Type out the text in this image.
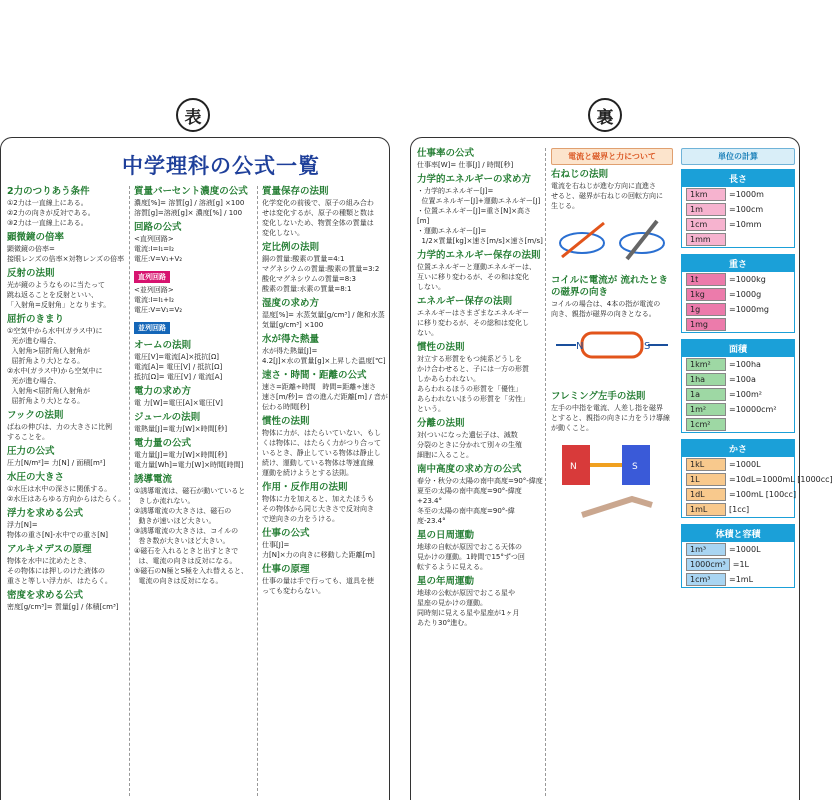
表	裏
中学理科の公式一覧
2力のつりあう条件
①2力は一直線上にある。
②2力の向きが反対である。
③2力は一直線上にある。
顕微鏡の倍率
顕微鏡の倍率=
接眼レンズの倍率×対物レンズの倍率
反射の法則
光が鏡のようなものに当たって
跳ね返ることを反射といい、
「入射角=反射角」となります。
屈折のきまり
①空気中から水中(ガラス中)に
光が進む場合、
入射角>屈折角(入射角が
屈折角より大)となる。
②水中(ガラス中)から空気中に
光が進む場合、
入射角<屈折角(入射角が
屈折角より大)となる。
フックの法則
ばねの伸びは、力の大きさに比例
することを。
圧力の公式
圧力[N/m²]= 力[N] / 面積[m²]
水圧の大きさ
①水圧は水中の深さに関係する。
②水圧はあらゆる方向からはたらく。
浮力を求める公式
浮力[N]=
物体の重さ[N]-水中での重さ[N]
アルキメデスの原理
物体を水中に沈めたとき、
その物体には押しのけた液体の
重さと等しい浮力が、はたらく。
密度を求める公式
密度[g/cm³]= 質量[g] / 体積[cm³]
質量パーセント濃度の公式
濃度[%]= 溶質[g] / 溶液[g] ×100
溶質[g]=溶液[g]× 濃度[%] / 100
回路の公式
<直列回路>
電流:I=I₁=I₂
電圧:V=V₁+V₂
直列回路
<並列回路>
電流:I=I₁+I₂
電圧:V=V₁=V₂
並列回路
オームの法則
電圧[V]=電流[A]×抵抗[Ω]
電流[A]= 電圧[V] / 抵抗[Ω]
抵抗[Ω]= 電圧[V] / 電流[A]
電力の求め方
電 力[W]=電圧[A]×電圧[V]
ジュールの法則
電熱量[J]=電力[W]×時間[秒]
電力量の公式
電力量[J]=電力[W]×時間[秒]
電力量[Wh]=電力[W]×時間[時間]
誘導電流
①誘導電流は、磁石が動いていると
きしか流れない。
②誘導電流の大きさは、磁石の
動きが速いほど大きい。
③誘導電流の大きさは、コイルの
巻き数が大きいほど大きい。
④磁石を入れるときと出すときで
は、電流の向きは反対になる。
⑤磁石のN極とS極を入れ替えると、
電流の向きは反対になる。
質量保存の法則
化学変化の前後で、原子の組み合わ
せは変化するが、原子の種類と数は
変化しないため、物質全体の質量は
変化しない。
定比例の法則
銅の質量:酸素の質量=4:1
マグネシウムの質量:酸素の質量=3:2
酸化マグネシウムの質量=8:3
酸素の質量:水素の質量=8:1
湿度の求め方
湿度[%]= 水蒸気量[g/cm³] / 飽和水蒸気量[g/cm³] ×100
水が得た熱量
水が得た熱量[J]=
4.2[J]×水の質量[g]×上昇した温度[℃]
速さ・時間・距離の公式
速さ=距離÷時間   時間=距離÷速さ
速さ[m/秒]= 音の進んだ距離[m] / 音が伝わる時間[秒]
慣性の法則
物体に力が、はたらいていない、もし
くは物体に、はたらく力がつり合って
いるとき、静止している物体は静止し
続け、運動している物体は等速直線
運動を続けようとする法則。
作用・反作用の法則
物体に力を加えると、加えたほうも
その物体から同じ大きさで反対向き
で逆向きの力をうける。
仕事の公式
仕事[J]=
力[N]×力の向きに移動した距離[m]
仕事の原理
仕事の量は手で行っても、道具を使
っても変わらない。
仕事率の公式
仕事率[W]= 仕事[J] / 時間[秒]
力学的エネルギーの求め方
・力学的エネルギー[J]=
位置エネルギー[J]+運動エネルギー[J]
・位置エネルギー[J]=重さ[N]×高さ[m]
・運動エネルギー[J]=
1/2×質量[kg]×速さ[m/s]×速さ[m/s]
力学的エネルギー保存の法則
位置エネルギーと運動エネルギーは、
互いに移り変わるが、その和は変化
しない。
エネルギー保存の法則
エネルギーはさまざまなエネルギー
に移り変わるが、その総和は変化し
ない。
慣性の法則
対立する形質をもつ純系どうしを
かけ合わせると、子には一方の形質
しかあらわれない。
あらわれるほうの形質を「優性」
あらわれないほうの形質を「劣性」
という。
分離の法則
対(ついになった遺伝子は、減数
分裂のときに分かれて別々の生殖
細胞に入ること。
南中高度の求め方の公式
春分・秋分の太陽の南中高度=90°-緯度
夏至の太陽の南中高度=90°-緯度+23.4°
冬至の太陽の南中高度=90°-緯度-23.4°
星の日周運動
地球の自転が原因でおこる天体の
見かけの運動。1時間で15°ずつ回
転するように見える。
星の年周運動
地球の公転が原因でおこる星や
星座の見かけの運動。
同時刻に見える星や星座が1ヶ月
あたり30°進む。
電流と磁界と力について
右ねじの法則
電流を右ねじが進む方向に直進さ
せると、磁界が右ねじの回転方向に
生じる。
コイルに電流が 流れたときの磁界の向き
コイルの場合は、4本の指が電流の
向き、親指が磁界の向きとなる。
N	S
フレミング左手の法則
左手の中指を電流、人差し指を磁界
とすると、親指の向きに力をうけ導線
が動くこと。
N	S
単位の計算
長さ
1km	=1000m
1m	=100cm
1cm	=10mm
1mm
重さ
1t	=1000kg
1kg	=1000g
1g	=1000mg
1mg
面積
1km²	=100ha
1ha	=100a
1a	=100m²
1m²	=10000cm²
1cm²
かさ
1kL	=1000L
1L	=10dL=1000mL [1000cc]
1dL	=100mL [100cc]
1mL	[1cc]
体積と容積
1m³	=1000L
1000cm³ =1L
1cm³	=1mL
